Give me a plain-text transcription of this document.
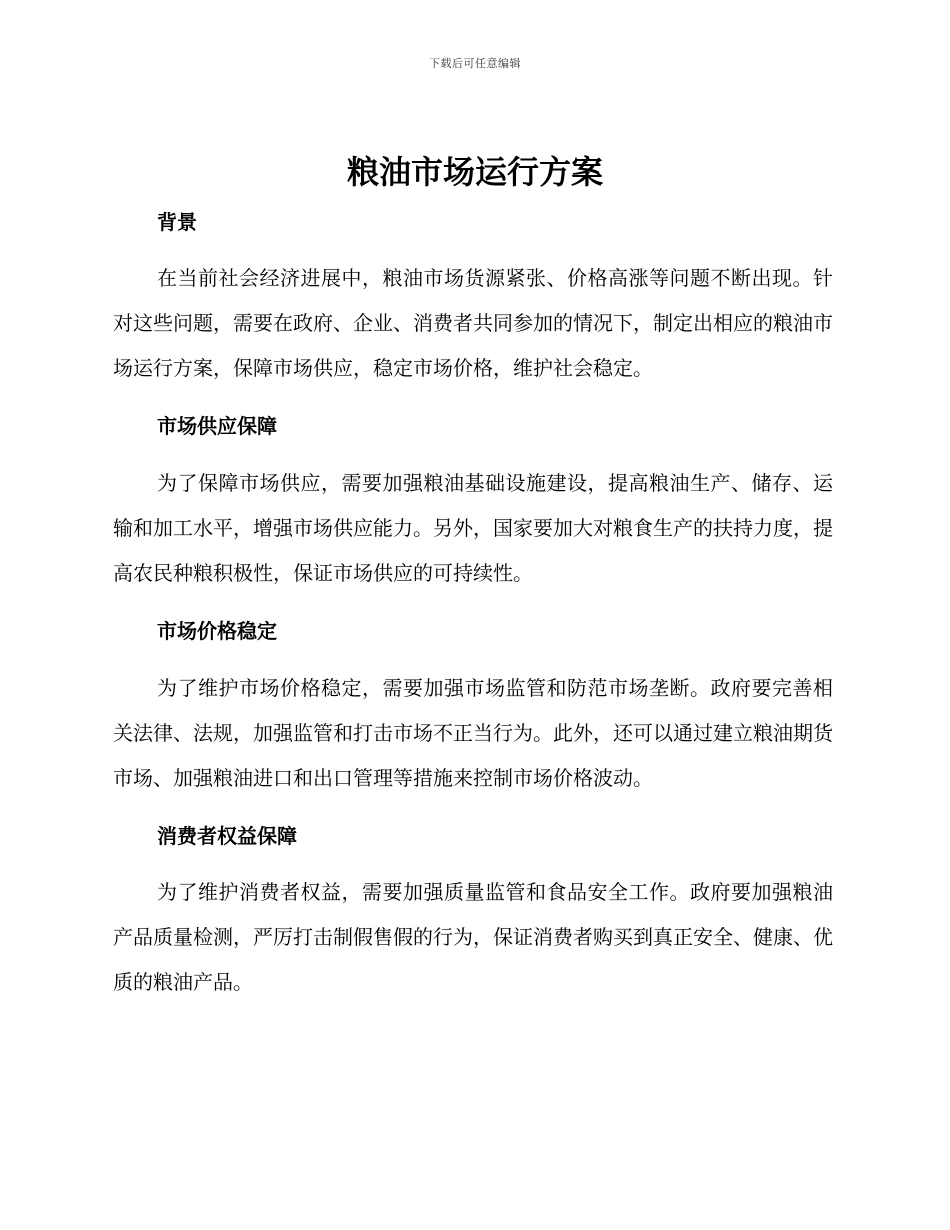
下载后可任意编辑
粮油市场运行方案
背景

在当前社会经济进展中，粮油市场货源紧张、价格高涨等问题不断出现。针对这些问题，需要在政府、企业、消费者共同参加的情况下，制定出相应的粮油市场运行方案，保障市场供应，稳定市场价格，维护社会稳定。

市场供应保障

为了保障市场供应，需要加强粮油基础设施建设，提高粮油生产、储存、运输和加工水平，增强市场供应能力。另外，国家要加大对粮食生产的扶持力度，提高农民种粮积极性，保证市场供应的可持续性。

市场价格稳定

为了维护市场价格稳定，需要加强市场监管和防范市场垄断。政府要完善相关法律、法规，加强监管和打击市场不正当行为。此外，还可以通过建立粮油期货市场、加强粮油进口和出口管理等措施来控制市场价格波动。

消费者权益保障

为了维护消费者权益，需要加强质量监管和食品安全工作。政府要加强粮油产品质量检测，严厉打击制假售假的行为，保证消费者购买到真正安全、健康、优质的粮油产品。
